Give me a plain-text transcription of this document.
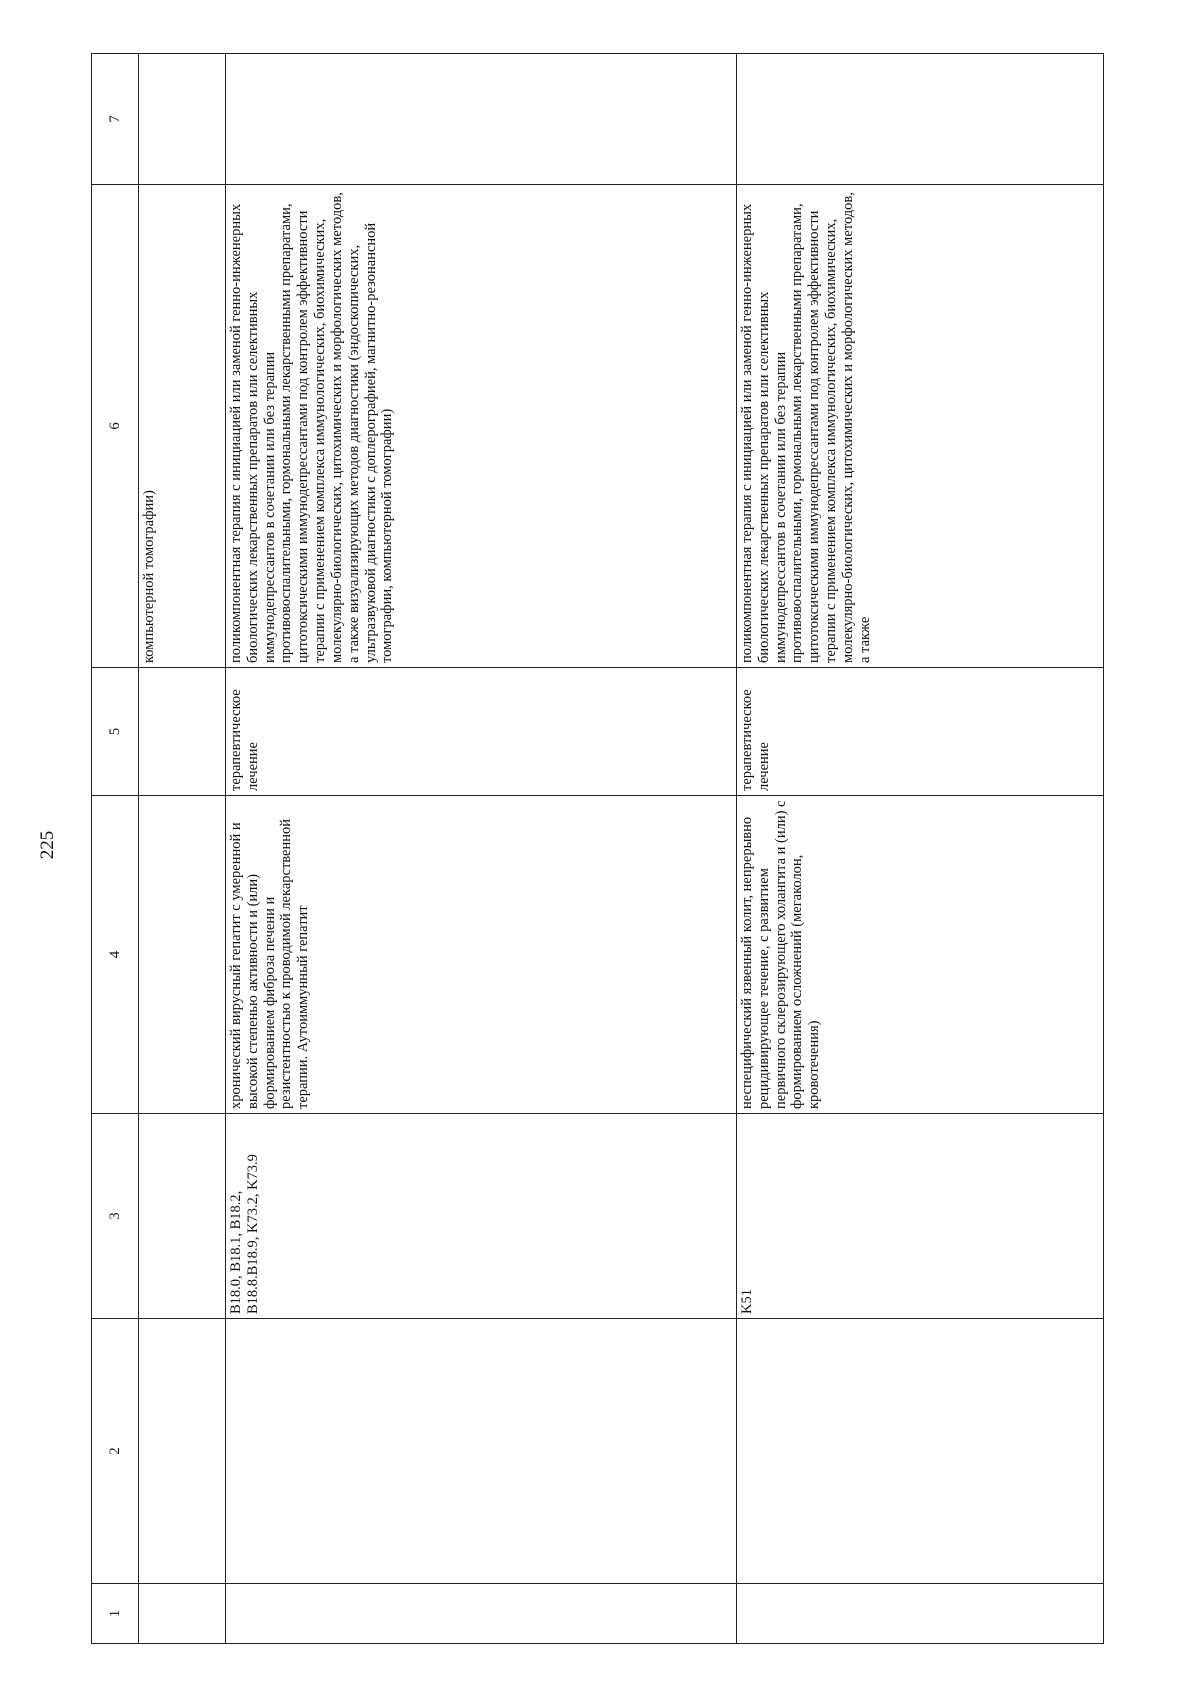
225
1	2	3	4	5	6	7
					компьютерной томографии)	
		B18.0, B18.1, B18.2, B18.8.B18.9, K73.2, K73.9	хронический вирусный гепатит с умеренной и высокой степенью активности и (или) формированием фиброза печени и резистентностью к проводимой лекарственной терапии. Аутоиммунный гепатит	терапевтическое лечение	поликомпонентная терапия с инициацией или заменой генно-инженерных биологических лекарственных препаратов или селективных иммунодепрессантов в сочетании или без терапии противовоспалительными, гормональными лекарственными препаратами, цитотоксическими иммунодепрессантами под контролем эффективности терапии с применением комплекса иммунологических, биохимических, молекулярно-биологических, цитохимических и морфологических методов, а также визуализирующих методов диагностики (эндоскопических, ультразвуковой диагностики с доплерографией, магнитно-резонансной томографии, компьютерной томографии)	
		K51	неспецифический язвенный колит, непрерывно рецидивирующее течение, с развитием первичного склерозирующего холангита и (или) с формированием осложнений (мегаколон, кровотечения)	терапевтическое лечение	поликомпонентная терапия с инициацией или заменой генно-инженерных биологических лекарственных препаратов или селективных иммунодепрессантов в сочетании или без терапии противовоспалительными, гормональными лекарственными препаратами, цитотоксическими иммунодепрессантами под контролем эффективности терапии с применением комплекса иммунологических, биохимических, молекулярно-биологических, цитохимических и морфологических методов, а также	
